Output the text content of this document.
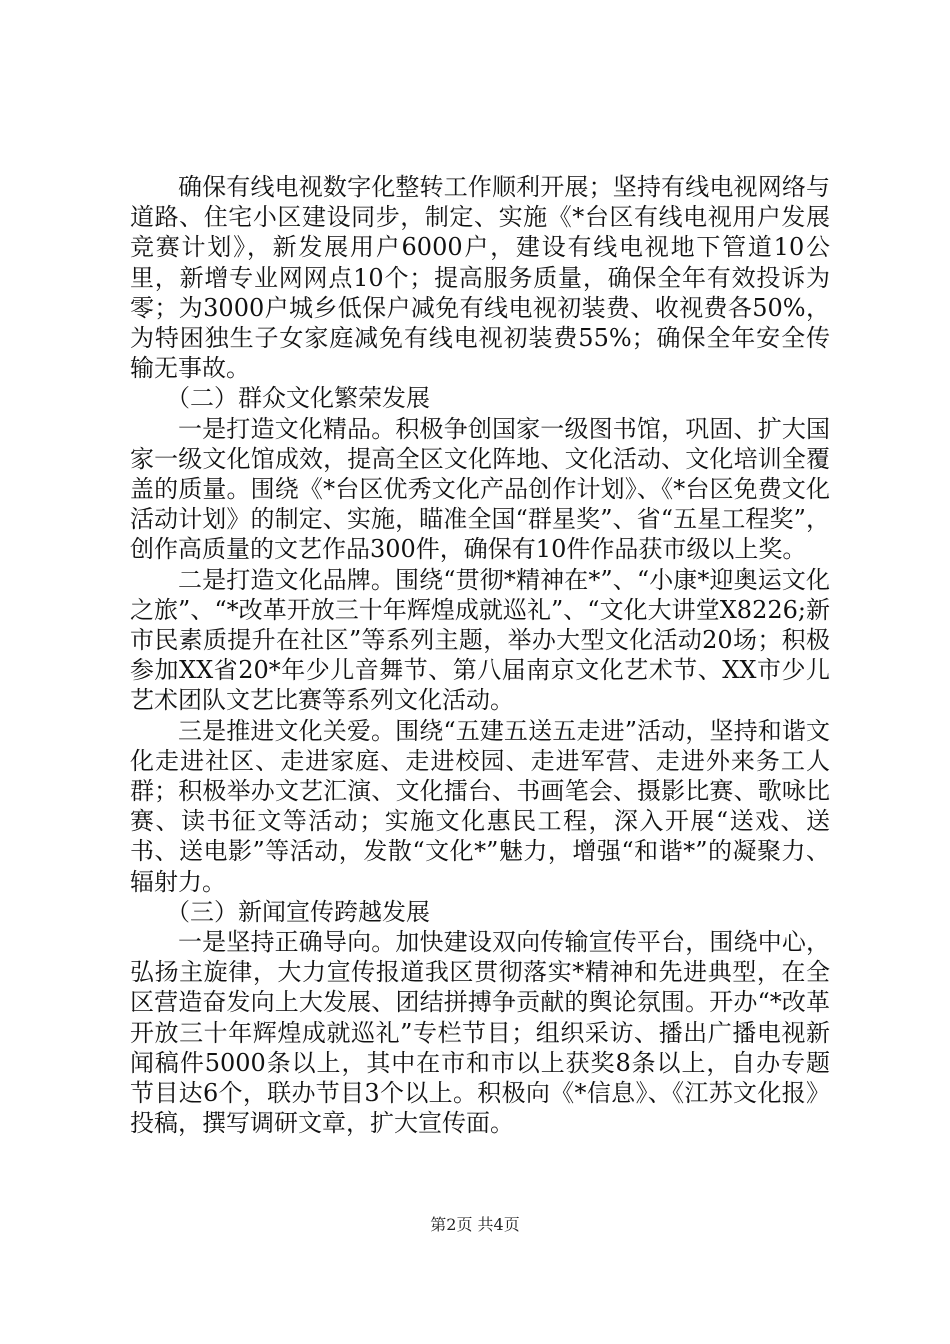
确保有线电视数字化整转工作顺利开展；坚持有线电视网络与道路、住宅小区建设同步，制定、实施《*台区有线电视用户发展竞赛计划》，新发展用户6000户，建设有线电视地下管道10公里，新增专业网网点10个；提高服务质量，确保全年有效投诉为零；为3000户城乡低保户减免有线电视初装费、收视费各50%，为特困独生子女家庭减免有线电视初装费55%；确保全年安全传输无事故。

（二）群众文化繁荣发展

一是打造文化精品。积极争创国家一级图书馆，巩固、扩大国家一级文化馆成效，提高全区文化阵地、文化活动、文化培训全覆盖的质量。围绕《*台区优秀文化产品创作计划》、《*台区免费文化活动计划》的制定、实施，瞄准全国“群星奖”、省“五星工程奖”，创作高质量的文艺作品300件，确保有10件作品获市级以上奖。

二是打造文化品牌。围绕“贯彻*精神在*”、“小康*迎奥运文化之旅”、“*改革开放三十年辉煌成就巡礼”、“文化大讲堂X8226;新市民素质提升在社区”等系列主题，举办大型文化活动20场；积极参加XX省20*年少儿音舞节、第八届南京文化艺术节、XX市少儿艺术团队文艺比赛等系列文化活动。

三是推进文化关爱。围绕“五建五送五走进”活动，坚持和谐文化走进社区、走进家庭、走进校园、走进军营、走进外来务工人群；积极举办文艺汇演、文化擂台、书画笔会、摄影比赛、歌咏比赛、读书征文等活动；实施文化惠民工程，深入开展“送戏、送书、送电影”等活动，发散“文化*”魅力，增强“和谐*”的凝聚力、辐射力。

（三）新闻宣传跨越发展

一是坚持正确导向。加快建设双向传输宣传平台，围绕中心，弘扬主旋律，大力宣传报道我区贯彻落实*精神和先进典型，在全区营造奋发向上大发展、团结拼搏争贡献的舆论氛围。开办“*改革开放三十年辉煌成就巡礼”专栏节目；组织采访、播出广播电视新闻稿件5000条以上，其中在市和市以上获奖8条以上，自办专题节目达6个，联办节目3个以上。积极向《*信息》、《江苏文化报》投稿，撰写调研文章，扩大宣传面。

第2页 共4页
